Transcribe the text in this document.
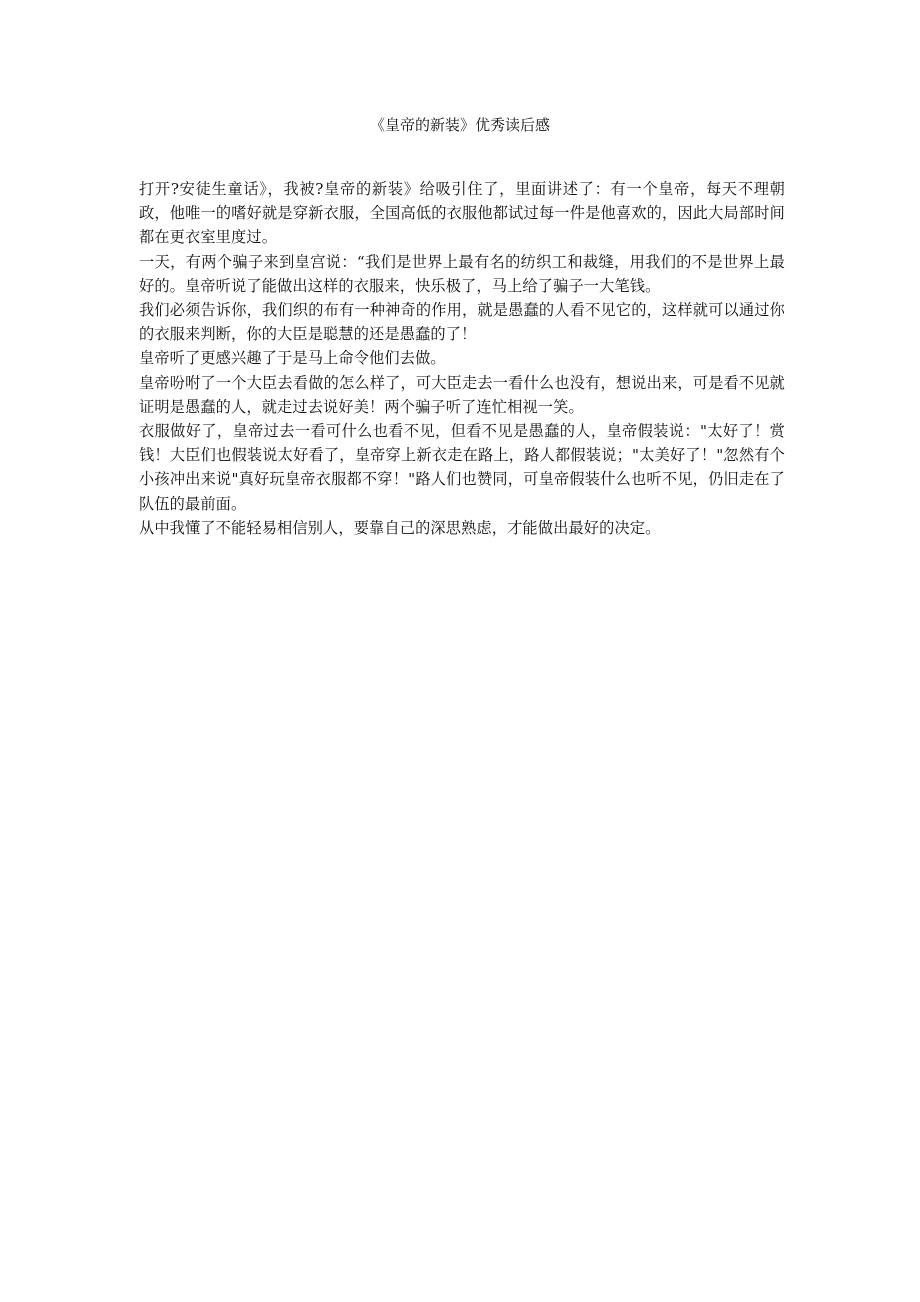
《皇帝的新装》优秀读后感

打开?安徒生童话》，我被?皇帝的新装》给吸引住了，里面讲述了：有一个皇帝，每天不理朝政，他唯一的嗜好就是穿新衣服，全国高低的衣服他都试过每一件是他喜欢的，因此大局部时间都在更衣室里度过。

一天，有两个骗子来到皇宫说：“我们是世界上最有名的纺织工和裁缝，用我们的不是世界上最好的。皇帝听说了能做出这样的衣服来，快乐极了，马上给了骗子一大笔钱。

我们必须告诉你，我们织的布有一种神奇的作用，就是愚蠢的人看不见它的，这样就可以通过你的衣服来判断，你的大臣是聪慧的还是愚蠢的了！

皇帝听了更感兴趣了于是马上命令他们去做。

皇帝吩咐了一个大臣去看做的怎么样了，可大臣走去一看什么也没有，想说出来，可是看不见就证明是愚蠢的人，就走过去说好美！两个骗子听了连忙相视一笑。

衣服做好了，皇帝过去一看可什么也看不见，但看不见是愚蠢的人，皇帝假装说："太好了！赏钱！大臣们也假装说太好看了，皇帝穿上新衣走在路上，路人都假装说；"太美好了！"忽然有个小孩冲出来说"真好玩皇帝衣服都不穿！"路人们也赞同，可皇帝假装什么也听不见，仍旧走在了队伍的最前面。

从中我懂了不能轻易相信别人，要靠自己的深思熟虑，才能做出最好的决定。
